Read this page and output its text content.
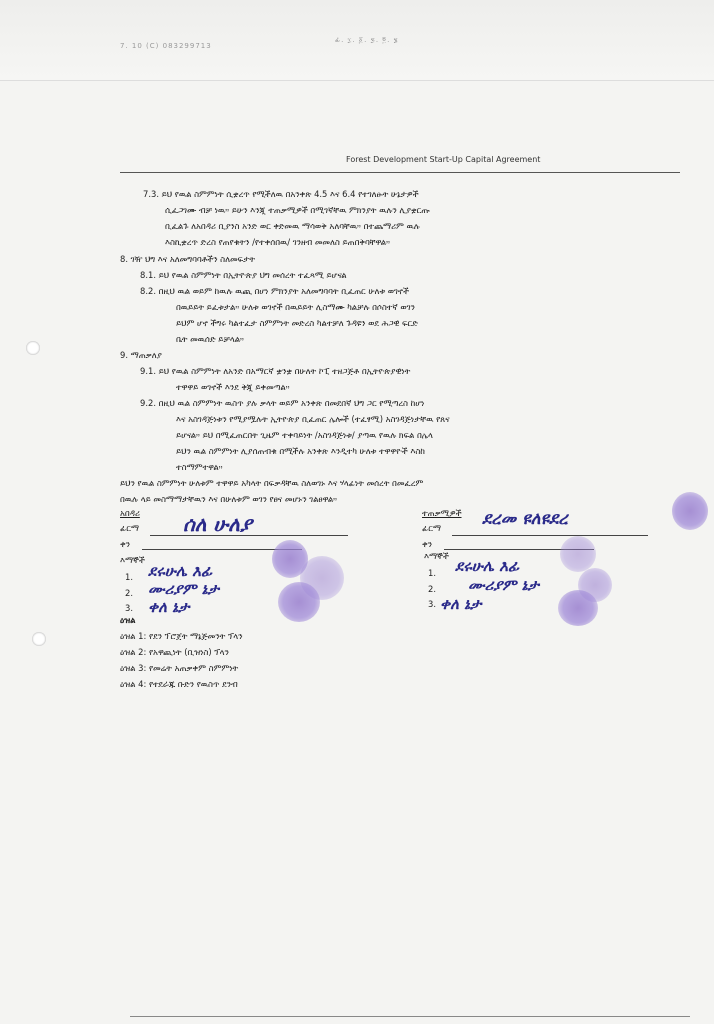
7. 10 (C) 083299713
ፊ. ፲. ፩. ፯. ፬. ፮
Forest Development Start-Up Capital Agreement
7.3. ይህ የዉል ስምምነት ሲቋረጥ የሚችለዉ በአንቀጽ 4.5 እና 6.4 የተገለፁት ሁኔታዎች
ሲፈጋገሙ ብቻ ነዉ። ይሁን እንጂ ተጠቃሚዎች በሚገኛቸዉ ምክንያት ዉሉን ሊያቋርጡ
ቢፈልጉ ለአበዳሪ ቢያንስ አንድ ወር ቀድመዉ ማሳወቅ አለባቸዉ። በተጨማሪም ዉሉ
እስኪቋረጥ ድረስ የጠየቁትን /የተቀሰበዉ/ ገንዘብ መመለስ ይጠበቅባቸዋል።
8. ገዥ ህግ እና አለመግባባቶችን ስለመፍታት
8.1. ይህ የዉል ስምምነት በኢትዮጵያ ህግ መሰረት ተፈጻሚ ይሆናል
8.2. በዚህ ዉል ወይም ከዉሉ ዉጪ በሆነ ምክንያት አለመግባባት ቢፈጠር ሁለቱ ወገኖች
በዉይይት ይፈቱታል። ሁለቱ ወገኖች በዉይይት ሊስማሙ ካልቻሉ በሶስተኛ ወገን
ይህም ሆኖ ችግሩ ካልተፈታ ስምምነት መድረስ ካልተቻለ ጉዳዩን ወደ ሕጋዊ ፍርድ
ቤት መዉሰድ ይቻላል።
9. ማጠቃለያ
9.1. ይህ የዉል ስምምነት ለአንድ በአማርኛ ቋንቋ በሁለት ኮፒ ተዘጋጅቶ በኢትዮጵያዊነት
ተዋዋይ ወገኖች እንደ ቅጂ ይቀመጣል።
9.2. በዚህ ዉል ስምምነት ዉስጥ ያሉ ቃላት ወይም አንቀጽ በመደበኛ ህግ ጋር የሚጣረስ ከሆነ
እና አስገዳጅነቱን የሚያሟሉት ኢትዮጵያ ቢፈጠር ሌሎች (ተፈፃሚ) አስገዳጅነታቸዉ የጸና
ይሆናል። ይህ በሚፈጠርበት ጊዜም ተቀባይነት /አስገዳጅነቱ/ ያጣዉ የዉሉ ክፍል በሌላ
ይህን ዉል ስምምነት ሊያሰጠብቁ በሚችሉ አንቀጽ እንዲተካ ሁለቱ ተዋዋዮች እስከ
ተስማምተዋል።
ይህን የዉል ስምምነት ሁለቱም ተዋዋይ አካላት በፍቃዳቸዉ ስለወገኑ እና ሃላፊነት መሰረት በመፈረም
በዉሉ ላይ መስማማታቸዉን እና በሁለቱም ወገን የፀና መሆኑን ገልፀዋል።
አበዳሪ
ፊርማ ሰለ ሁለያ
ቀን
እማኞች
1.
2.
3.
ደሩሁሌ እፊ
ሙሪያም ኔታ
ቀለ ኔታ
ተጠቃሚዎች
ፊርማ ደረመ ዩለዩደረ
ቀን
እማኞች
1.
2.
3.
ደሩሁሌ እፊ
ሙሪያም ኔታ
ቀለ ኔታ
ዕዝል
ዕዝል 1: የደን ፕሮጀት ማኔጅመንት ፕላን
ዕዝል 2: የአዋጪነት (ቢዝነስ) ፕላን
ዕዝል 3: የመሬት አጠቃቀም ስምምነት
ዕዝል 4: የተደራጁ ቡድን የዉስጥ ደንብ
